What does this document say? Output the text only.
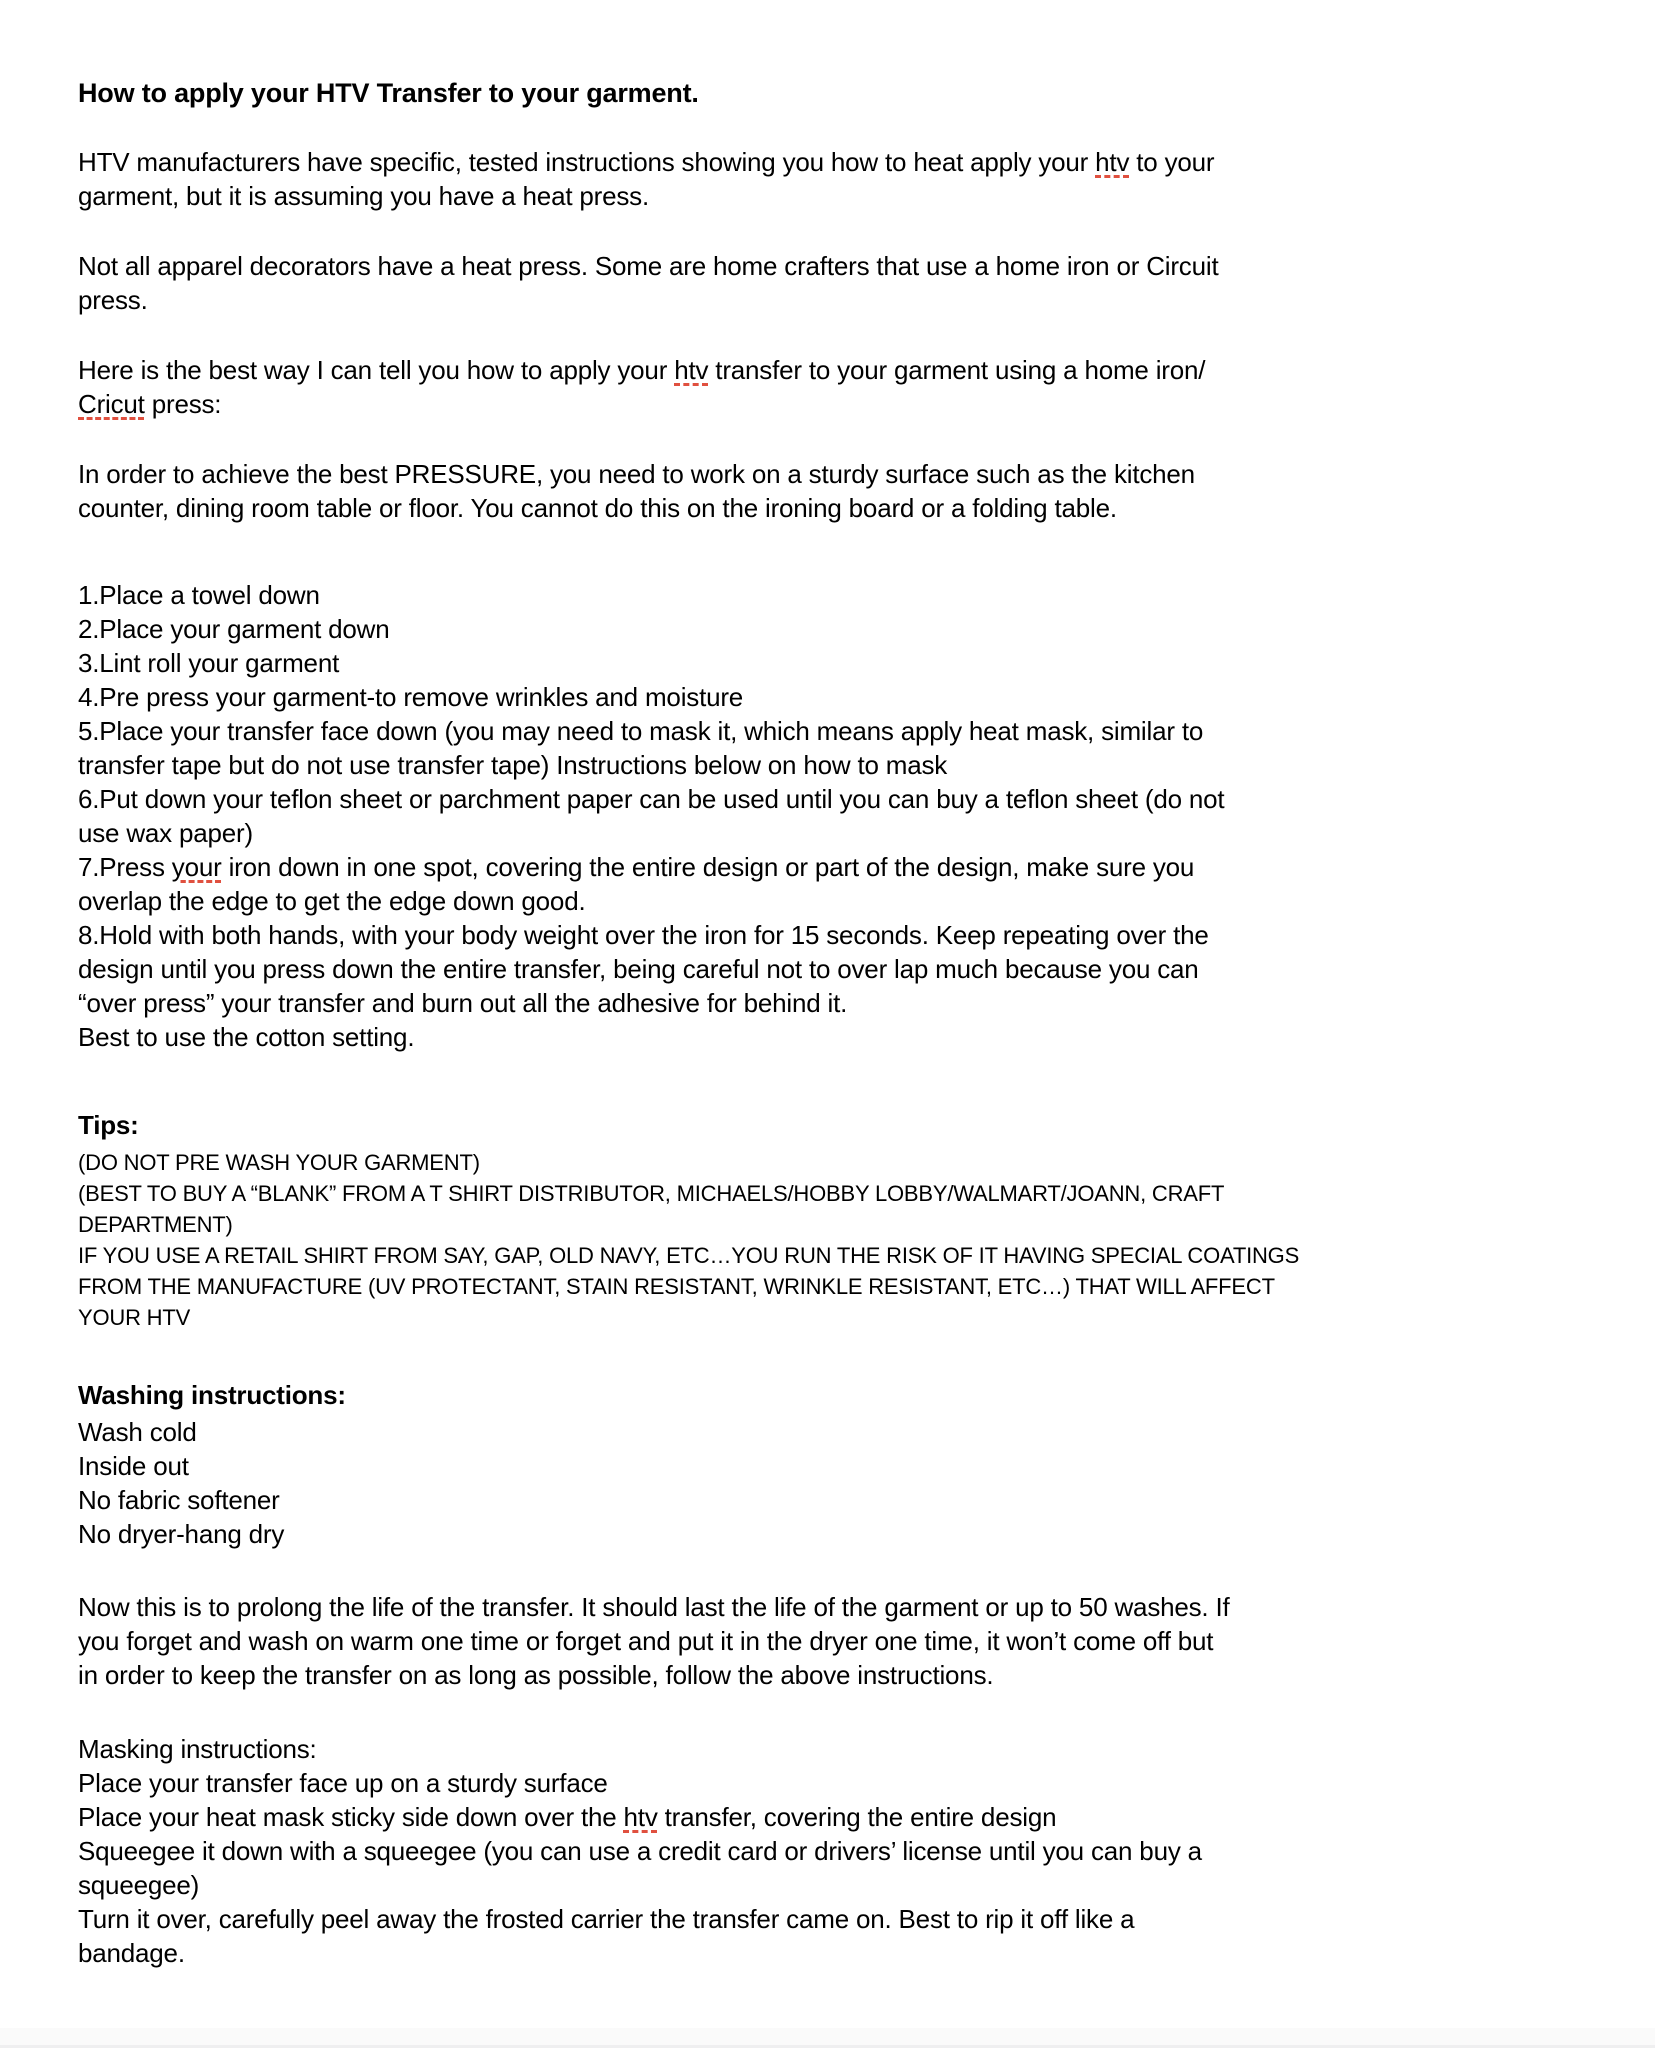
How to apply your HTV Transfer to your garment.

HTV manufacturers have specific, tested instructions showing you how to heat apply your htv to your
garment, but it is assuming you have a heat press.

Not all apparel decorators have a heat press. Some are home crafters that use a home iron or Circuit
press.

Here is the best way I can tell you how to apply your htv transfer to your garment using a home iron/
Cricut press:

In order to achieve the best PRESSURE, you need to work on a sturdy surface such as the kitchen
counter, dining room table or floor. You cannot do this on the ironing board or a folding table.

1.Place a towel down
2.Place your garment down
3.Lint roll your garment
4.Pre press your garment-to remove wrinkles and moisture
5.Place your transfer face down (you may need to mask it, which means apply heat mask, similar to
transfer tape but do not use transfer tape) Instructions below on how to mask
6.Put down your teflon sheet or parchment paper can be used until you can buy a teflon sheet (do not
use wax paper)
7.Press your iron down in one spot, covering the entire design or part of the design, make sure you
overlap the edge to get the edge down good.
8.Hold with both hands, with your body weight over the iron for 15 seconds. Keep repeating over the
design until you press down the entire transfer, being careful not to over lap much because you can
“over press” your transfer and burn out all the adhesive for behind it.
Best to use the cotton setting.
Tips:
(DO NOT PRE WASH YOUR GARMENT)
(BEST TO BUY A “BLANK” FROM A T SHIRT DISTRIBUTOR, MICHAELS/HOBBY LOBBY/WALMART/JOANN, CRAFT
DEPARTMENT)
IF YOU USE A RETAIL SHIRT FROM SAY, GAP, OLD NAVY, ETC…YOU RUN THE RISK OF IT HAVING SPECIAL COATINGS
FROM THE MANUFACTURE (UV PROTECTANT, STAIN RESISTANT, WRINKLE RESISTANT, ETC…) THAT WILL AFFECT
YOUR HTV
Washing instructions:
Wash cold
Inside out
No fabric softener
No dryer-hang dry

Now this is to prolong the life of the transfer. It should last the life of the garment or up to 50 washes. If
you forget and wash on warm one time or forget and put it in the dryer one time, it won’t come off but
in order to keep the transfer on as long as possible, follow the above instructions.

Masking instructions:
Place your transfer face up on a sturdy surface
Place your heat mask sticky side down over the htv transfer, covering the entire design
Squeegee it down with a squeegee (you can use a credit card or drivers’ license until you can buy a
squeegee)
Turn it over, carefully peel away the frosted carrier the transfer came on. Best to rip it off like a
bandage.
